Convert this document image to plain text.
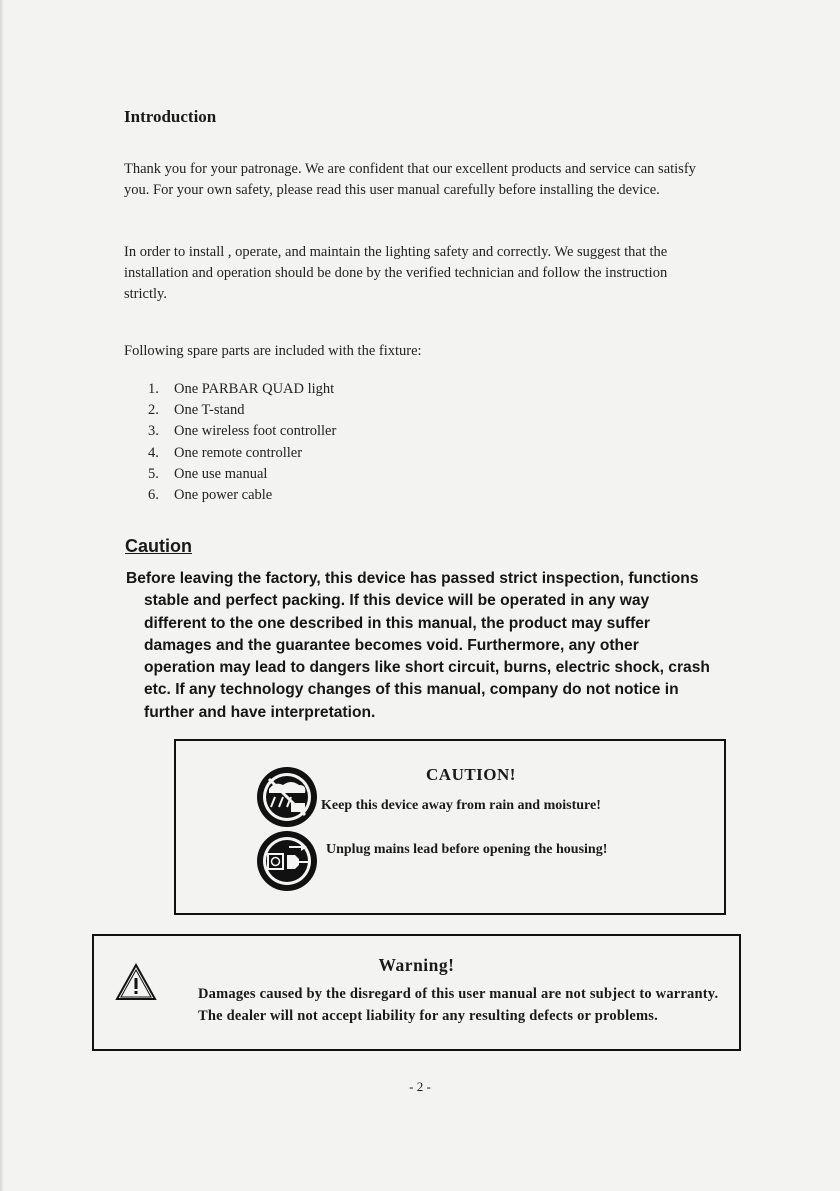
Introduction

Thank you for your patronage. We are confident that our excellent products and service can satisfy you. For your own safety, please read this user manual carefully before installing the device.

In order to install , operate, and maintain the lighting safety and correctly. We suggest that the installation and operation should be done by the verified technician and follow the instruction strictly.

Following spare parts are included with the fixture:

1.	One PARBAR QUAD light
2.	One T-stand
3.	One wireless foot controller
4.	One remote controller
5.	One use manual
6.	One power cable
Caution

Before leaving the factory, this device has passed strict inspection, functions stable and perfect packing. If this device will be operated in any way different to the one described in this manual, the product may suffer damages and the guarantee becomes void. Furthermore, any other operation may lead to dangers like short circuit, burns, electric shock, crash etc. If any technology changes of this manual, company do not notice in further and have interpretation.

CAUTION!
Keep this device away from rain and moisture!
Unplug mains lead before opening the housing!
Warning!

Damages caused by the disregard of this user manual are not subject to warranty. The dealer will not accept liability for any resulting defects or problems.

- 2 -
